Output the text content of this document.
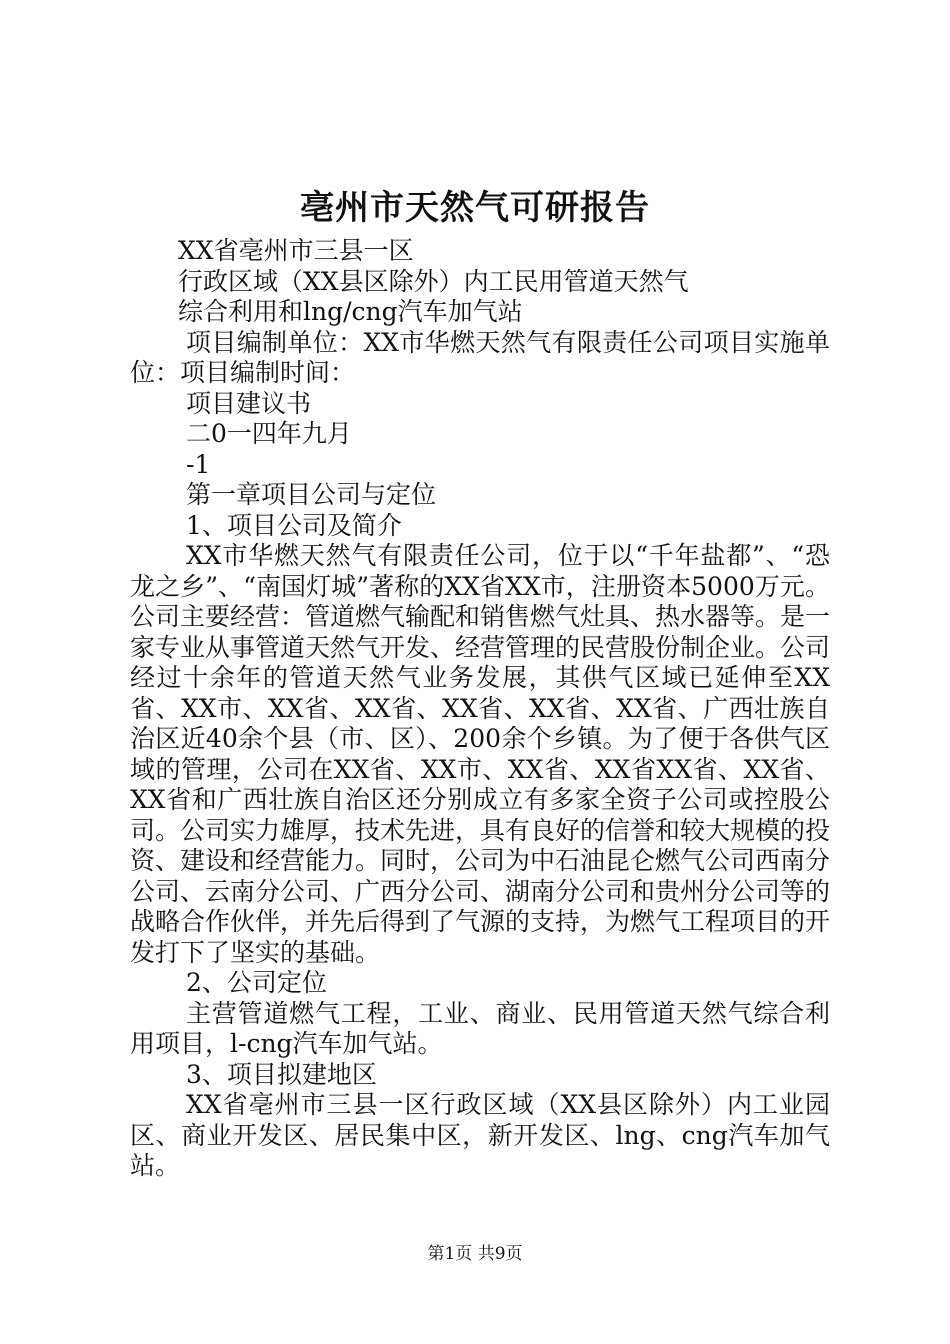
亳州市天然气可研报告

XX省亳州市三县一区

行政区域（XX县区除外）内工民用管道天然气

综合利用和lng/cng汽车加气站

项目编制单位：XX市华燃天然气有限责任公司项目实施单位：项目编制时间：

项目建议书

二0一四年九月

-1

第一章项目公司与定位

1、项目公司及简介

XX市华燃天然气有限责任公司，位于以“千年盐都”、“恐龙之乡”、“南国灯城”著称的XX省XX市，注册资本5000万元。公司主要经营：管道燃气输配和销售燃气灶具、热水器等。是一家专业从事管道天然气开发、经营管理的民营股份制企业。公司经过十余年的管道天然气业务发展，其供气区域已延伸至XX省、XX市、XX省、XX省、XX省、XX省、XX省、广西壮族自治区近40余个县（市、区）、200余个乡镇。为了便于各供气区域的管理，公司在XX省、XX市、XX省、XX省XX省、XX省、XX省和广西壮族自治区还分别成立有多家全资子公司或控股公司。公司实力雄厚，技术先进，具有良好的信誉和较大规模的投资、建设和经营能力。同时，公司为中石油昆仑燃气公司西南分公司、云南分公司、广西分公司、湖南分公司和贵州分公司等的战略合作伙伴，并先后得到了气源的支持，为燃气工程项目的开发打下了坚实的基础。

2、公司定位

主营管道燃气工程，工业、商业、民用管道天然气综合利用项目，l-cng汽车加气站。

3、项目拟建地区

XX省亳州市三县一区行政区域（XX县区除外）内工业园区、商业开发区、居民集中区，新开发区、lng、cng汽车加气站。

第1页 共9页
